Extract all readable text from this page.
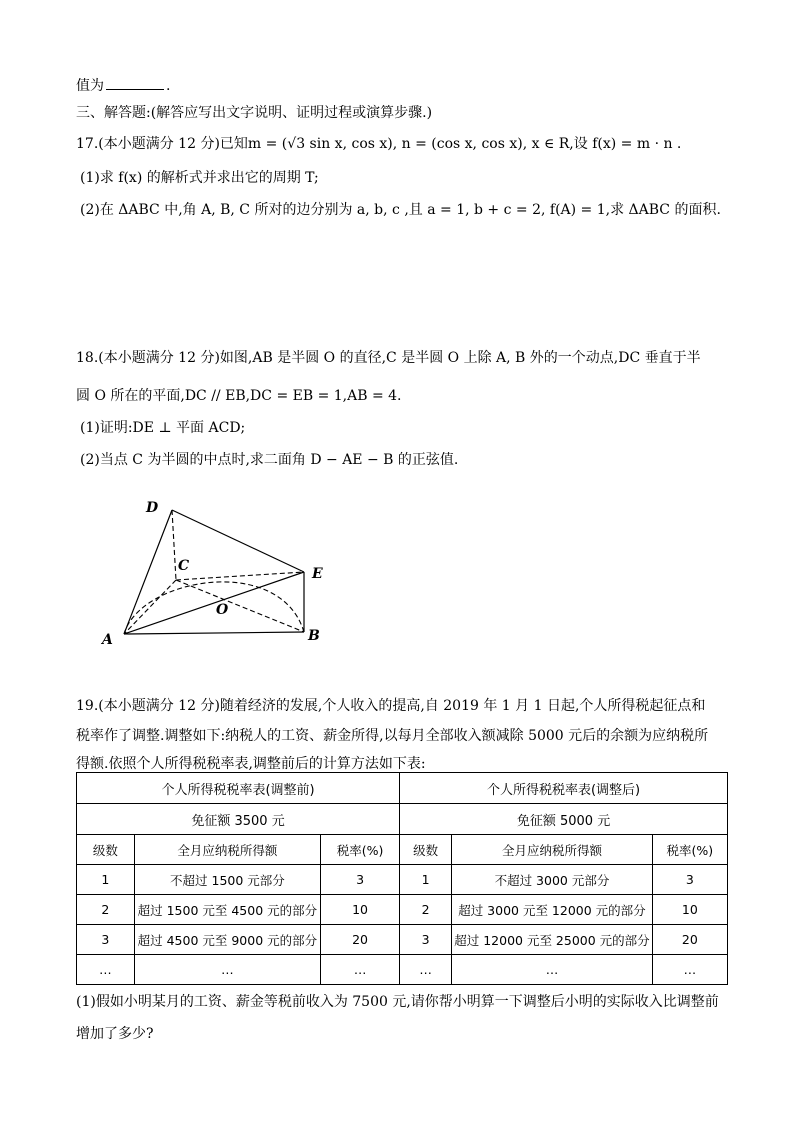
值为	.
三、解答题:(解答应写出文字说明、证明过程或演算步骤.)
17.(本小题满分 12 分)已知m = (√3 sin x, cos x), n = (cos x, cos x), x ∈ R,设 f(x) = m · n .
(1)求 f(x) 的解析式并求出它的周期 T;
(2)在 ΔABC 中,角 A, B, C 所对的边分别为 a, b, c ,且 a = 1, b + c = 2, f(A) = 1,求 ΔABC 的面积.
18.(本小题满分 12 分)如图,AB 是半圆 O 的直径,C 是半圆 O 上除 A, B 外的一个动点,DC 垂直于半
圆 O 所在的平面,DC // EB,DC = EB = 1,AB = 4.
(1)证明:DE ⊥ 平面 ACD;
(2)当点 C 为半圆的中点时,求二面角 D − AE − B 的正弦值.
D
C	E
O
A	B
19.(本小题满分 12 分)随着经济的发展,个人收入的提高,自 2019 年 1 月 1 日起,个人所得税起征点和
税率作了调整.调整如下:纳税人的工资、薪金所得,以每月全部收入额减除 5000 元后的余额为应纳税所
得额.依照个人所得税税率表,调整前后的计算方法如下表:
个人所得税税率表(调整前)			个人所得税税率表(调整后)		
免征额 3500 元			免征额 5000 元		
级数	全月应纳税所得额	税率(%)	级数	全月应纳税所得额	税率(%)
1	不超过 1500 元部分	3	1	不超过 3000 元部分	3
2	超过 1500 元至 4500 元的部分	10	2	超过 3000 元至 12000 元的部分	10
3	超过 4500 元至 9000 元的部分	20	3	超过 12000 元至 25000 元的部分	20
…	…	…	…	…	…
(1)假如小明某月的工资、薪金等税前收入为 7500 元,请你帮小明算一下调整后小明的实际收入比调整前
增加了多少?
